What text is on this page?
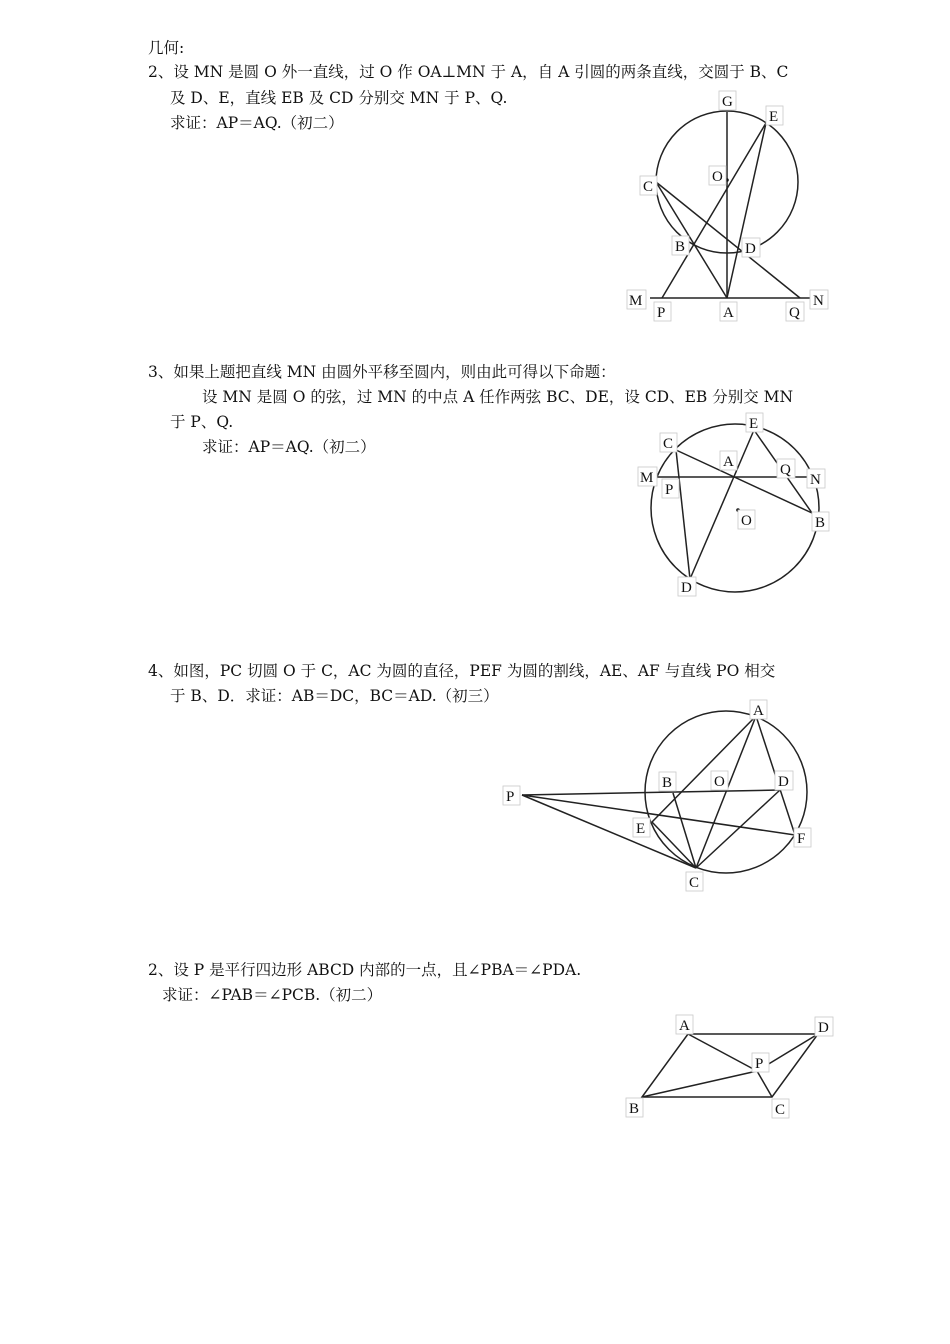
几何:
2、设 MN 是圆 O 外一直线，过 O 作 OA⊥MN 于 A，自 A 引圆的两条直线，交圆于 B、C
及 D、E，直线 EB 及 CD 分别交 MN 于 P、Q.
求证：AP＝AQ.（初二）
3、如果上题把直线 MN 由圆外平移至圆内，则由此可得以下命题：
设 MN 是圆 O 的弦，过 MN 的中点 A 任作两弦 BC、DE，设 CD、EB 分别交 MN
于 P、Q.
求证：AP＝AQ.（初二）
4、如图，PC 切圆 O 于 C，AC 为圆的直径，PEF 为圆的割线，AE、AF 与直线 PO 相交
于 B、D．求证：AB＝DC，BC＝AD.（初三）
2、设 P 是平行四边形 ABCD 内部的一点，且∠PBA＝∠PDA.
求证：∠PAB＝∠PCB.（初二）
G
E
O
C
B	D
M	N
P	A	Q
E
C
A	Q
M	N
P
B
O
D
A
B	O	D
P
E
F
C
A	D
P
B	C
